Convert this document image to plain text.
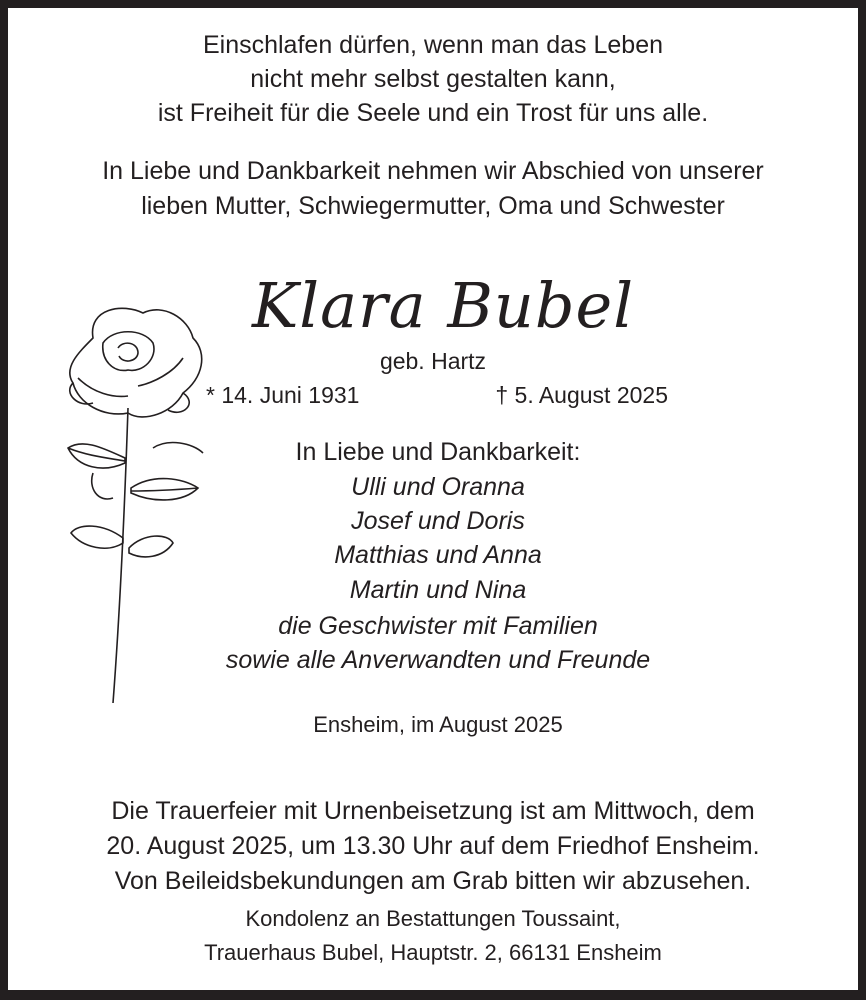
Einschlafen dürfen, wenn man das Leben
nicht mehr selbst gestalten kann,
ist Freiheit für die Seele und ein Trost für uns alle.
In Liebe und Dankbarkeit nehmen wir Abschied von unserer
lieben Mutter, Schwiegermutter, Oma und Schwester
Klara Bubel
geb. Hartz
* 14. Juni 1931	† 5. August 2025
In Liebe und Dankbarkeit:
Ulli und Oranna
Josef und Doris
Matthias und Anna
Martin und Nina
die Geschwister mit Familien
sowie alle Anverwandten und Freunde
Ensheim, im August 2025
Die Trauerfeier mit Urnenbeisetzung ist am Mittwoch, dem
20. August 2025, um 13.30 Uhr auf dem Friedhof Ensheim.
Von Beileidsbekundungen am Grab bitten wir abzusehen.
Kondolenz an Bestattungen Toussaint,
Trauerhaus Bubel, Hauptstr. 2, 66131 Ensheim
